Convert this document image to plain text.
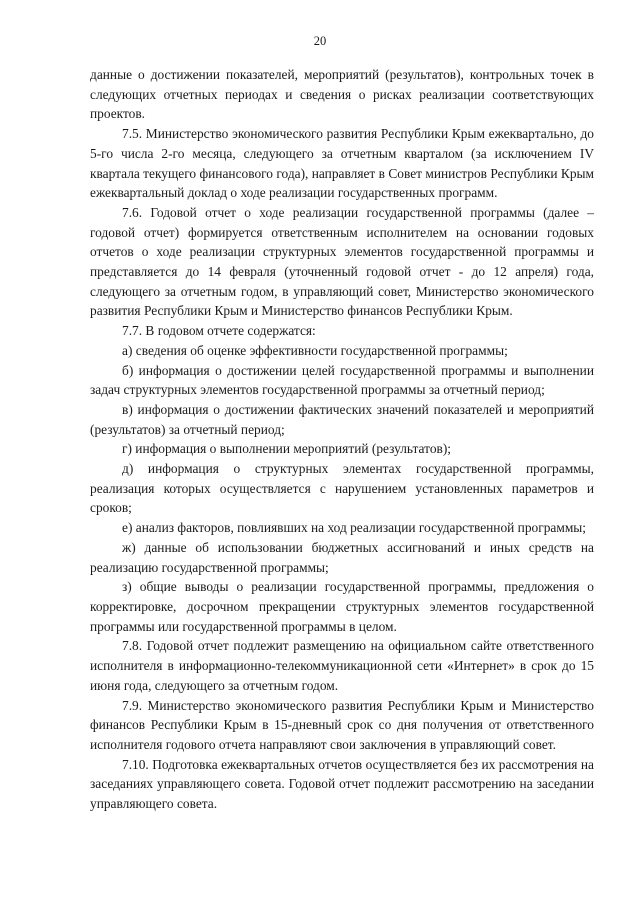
20

данные о достижении показателей, мероприятий (результатов), контрольных точек в следующих отчетных периодах и сведения о рисках реализации соответствующих проектов.

7.5. Министерство экономического развития Республики Крым ежеквартально, до 5-го числа 2-го месяца, следующего за отчетным кварталом (за исключением IV квартала текущего финансового года), направляет в Совет министров Республики Крым ежеквартальный доклад о ходе реализации государственных программ.

7.6. Годовой отчет о ходе реализации государственной программы (далее – годовой отчет) формируется ответственным исполнителем на основании годовых отчетов о ходе реализации структурных элементов государственной программы и представляется до 14 февраля (уточненный годовой отчет - до 12 апреля) года, следующего за отчетным годом, в управляющий совет, Министерство экономического развития Республики Крым и Министерство финансов Республики Крым.

7.7. В годовом отчете содержатся:

а) сведения об оценке эффективности государственной программы;

б) информация о достижении целей государственной программы и выполнении задач структурных элементов государственной программы за отчетный период;

в) информация о достижении фактических значений показателей и мероприятий (результатов) за отчетный период;

г) информация о выполнении мероприятий (результатов);

д) информация о структурных элементах государственной программы, реализация которых осуществляется с нарушением установленных параметров и сроков;

е) анализ факторов, повлиявших на ход реализации государственной программы;

ж) данные об использовании бюджетных ассигнований и иных средств на реализацию государственной программы;

з) общие выводы о реализации государственной программы, предложения о корректировке, досрочном прекращении структурных элементов государственной программы или государственной программы в целом.

7.8. Годовой отчет подлежит размещению на официальном сайте ответственного исполнителя в информационно-телекоммуникационной сети «Интернет» в срок до 15 июня года, следующего за отчетным годом.

7.9. Министерство экономического развития Республики Крым и Министерство финансов Республики Крым в 15-дневный срок со дня получения от ответственного исполнителя годового отчета направляют свои заключения в управляющий совет.

7.10. Подготовка ежеквартальных отчетов осуществляется без их рассмотрения на заседаниях управляющего совета. Годовой отчет подлежит рассмотрению на заседании управляющего совета.
